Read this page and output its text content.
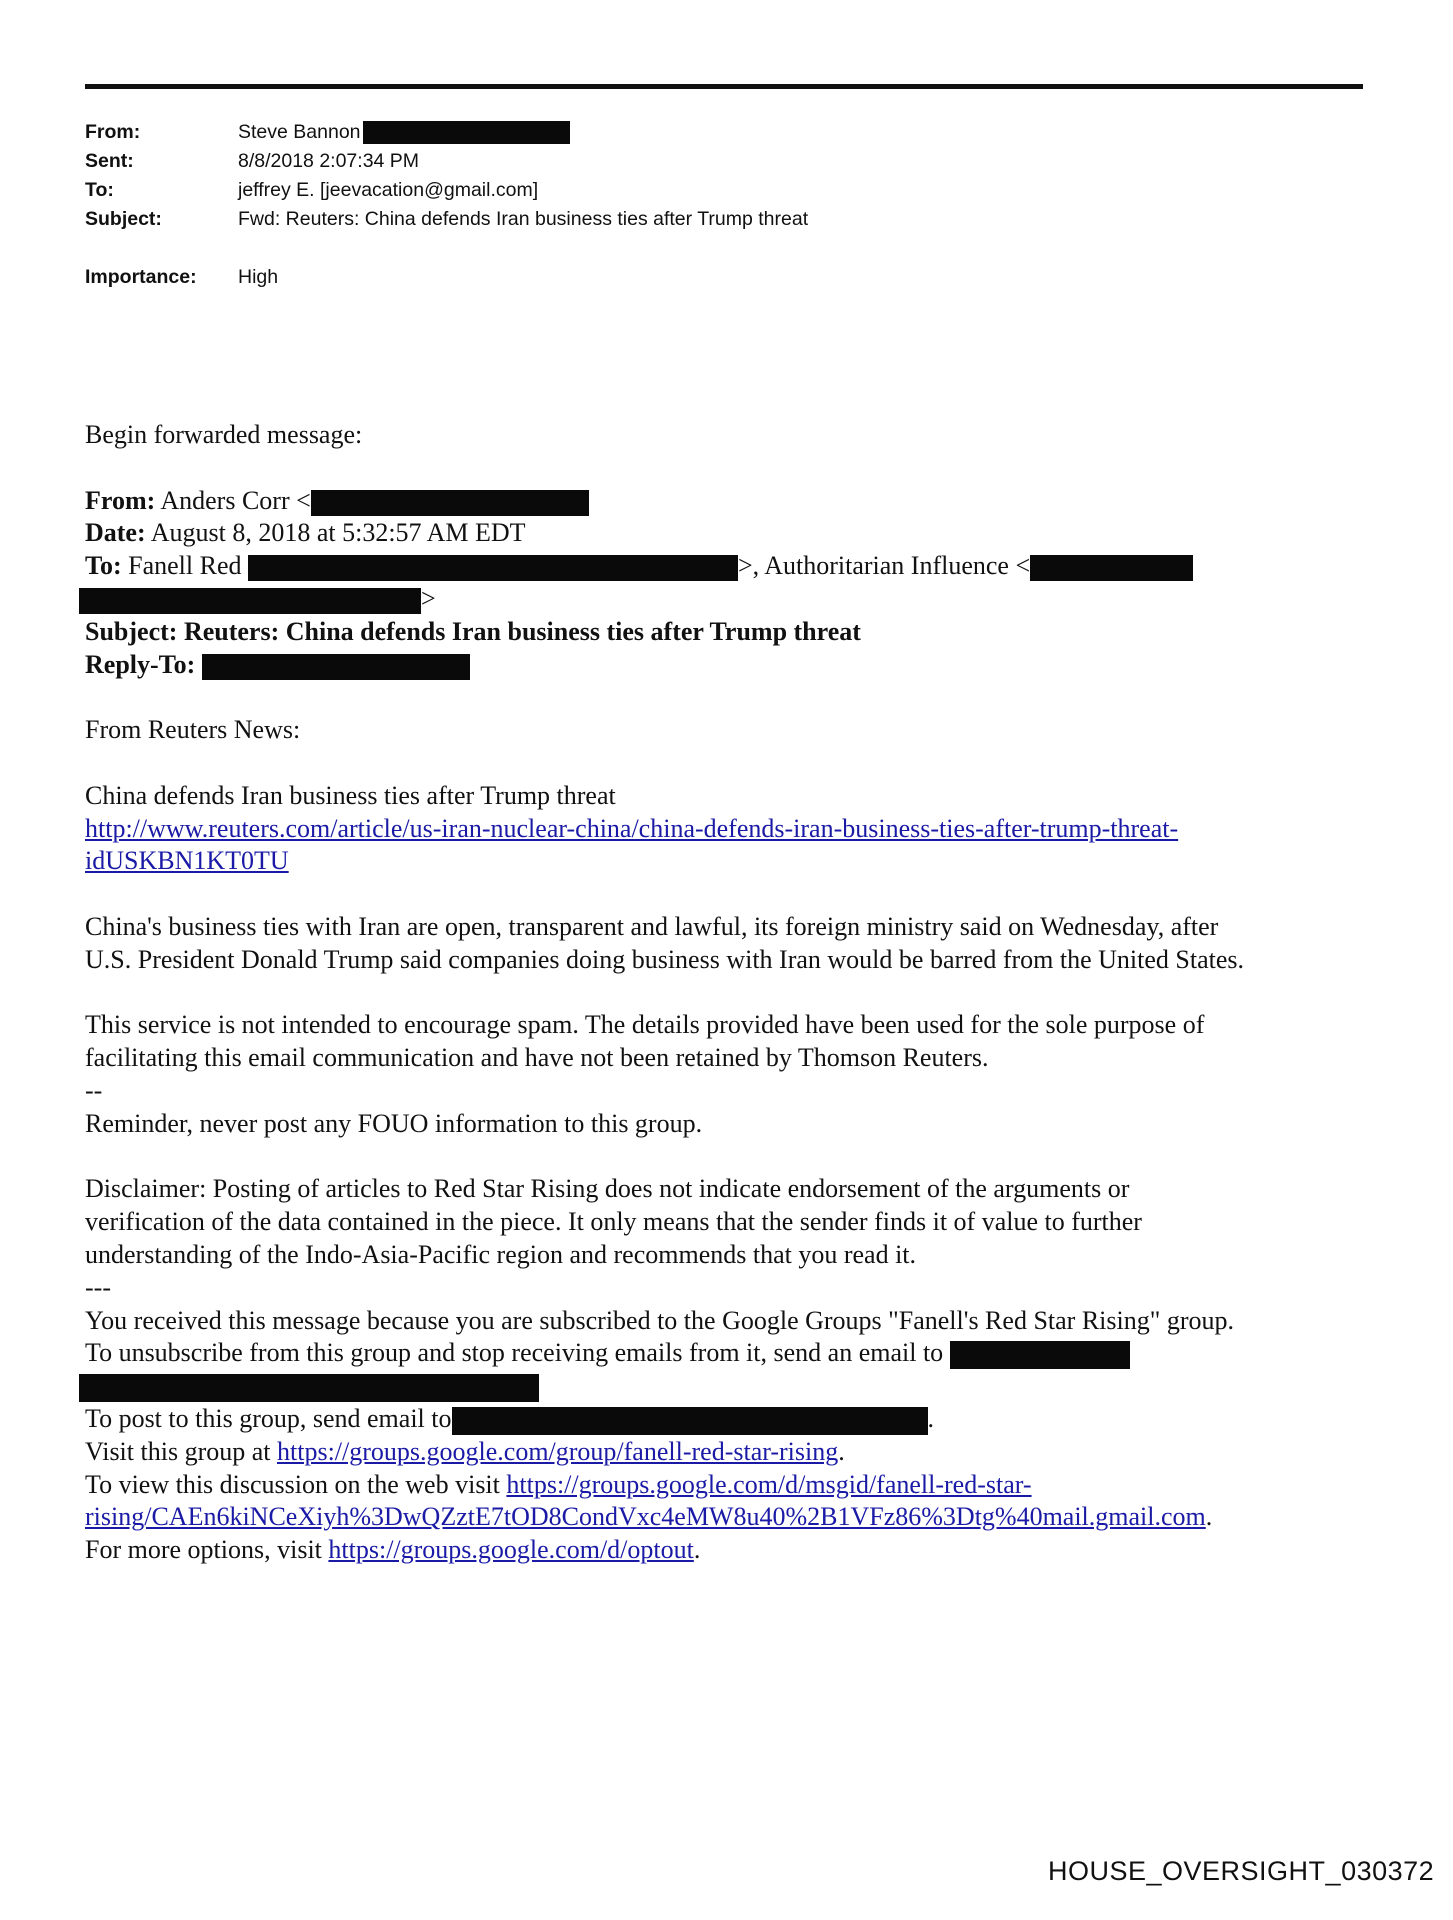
From:	Steve Bannon
Sent:	8/8/2018 2:07:34 PM
To:	jeffrey E. [jeevacation@gmail.com]
Subject:	Fwd: Reuters: China defends Iran business ties after Trump threat
Importance:	High

Begin forwarded message:

From: Anders Corr <

Date: August 8, 2018 at 5:32:57 AM EDT

To: Fanell Red	>, Authoritarian Influence <

>

Subject: Reuters: China defends Iran business ties after Trump threat

Reply-To:

From Reuters News:

China defends Iran business ties after Trump threat

http://www.reuters.com/article/us-iran-nuclear-china/china-defends-iran-business-ties-after-trump-threat-

idUSKBN1KT0TU

China's business ties with Iran are open, transparent and lawful, its foreign ministry said on Wednesday, after

U.S. President Donald Trump said companies doing business with Iran would be barred from the United States.

This service is not intended to encourage spam. The details provided have been used for the sole purpose of

facilitating this email communication and have not been retained by Thomson Reuters.

--

Reminder, never post any FOUO information to this group.

Disclaimer: Posting of articles to Red Star Rising does not indicate endorsement of the arguments or

verification of the data contained in the piece. It only means that the sender finds it of value to further

understanding of the Indo-Asia-Pacific region and recommends that you read it.

---

You received this message because you are subscribed to the Google Groups "Fanell's Red Star Rising" group.

To unsubscribe from this group and stop receiving emails from it, send an email to

To post to this group, send email to	.

Visit this group at https://groups.google.com/group/fanell-red-star-rising.

To view this discussion on the web visit https://groups.google.com/d/msgid/fanell-red-star-

rising/CAEn6kiNCeXiyh%3DwQZztE7tOD8CondVxc4eMW8u40%2B1VFz86%3Dtg%40mail.gmail.com.

For more options, visit https://groups.google.com/d/optout.

HOUSE_OVERSIGHT_030372
